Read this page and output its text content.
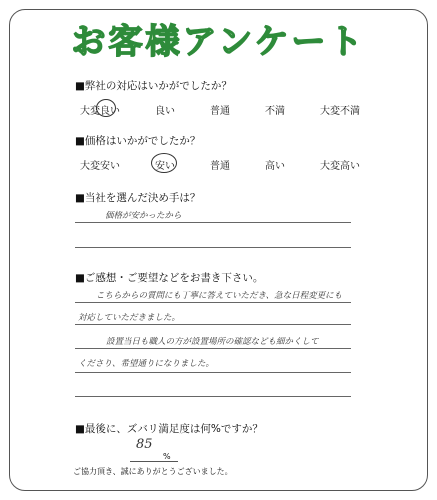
お客様アンケート
■弊社の対応はいかがでしたか？
大変良い	良い	普通	不満	大変不満
■価格はいかがでしたか？
大変安い	安い	普通	高い	大変高い
■当社を選んだ決め手は？
価格が安かったから
■ご感想・ご要望などをお書き下さい。
こちらからの質問にも丁寧に答えていただき、急な日程変更にも
対応していただきました。
設置当日も職人の方が設置場所の確認なども細かくして
くださり、希望通りになりました。
■最後に、ズバリ満足度は何%ですか？
85
%
ご協力頂き、誠にありがとうございました。
